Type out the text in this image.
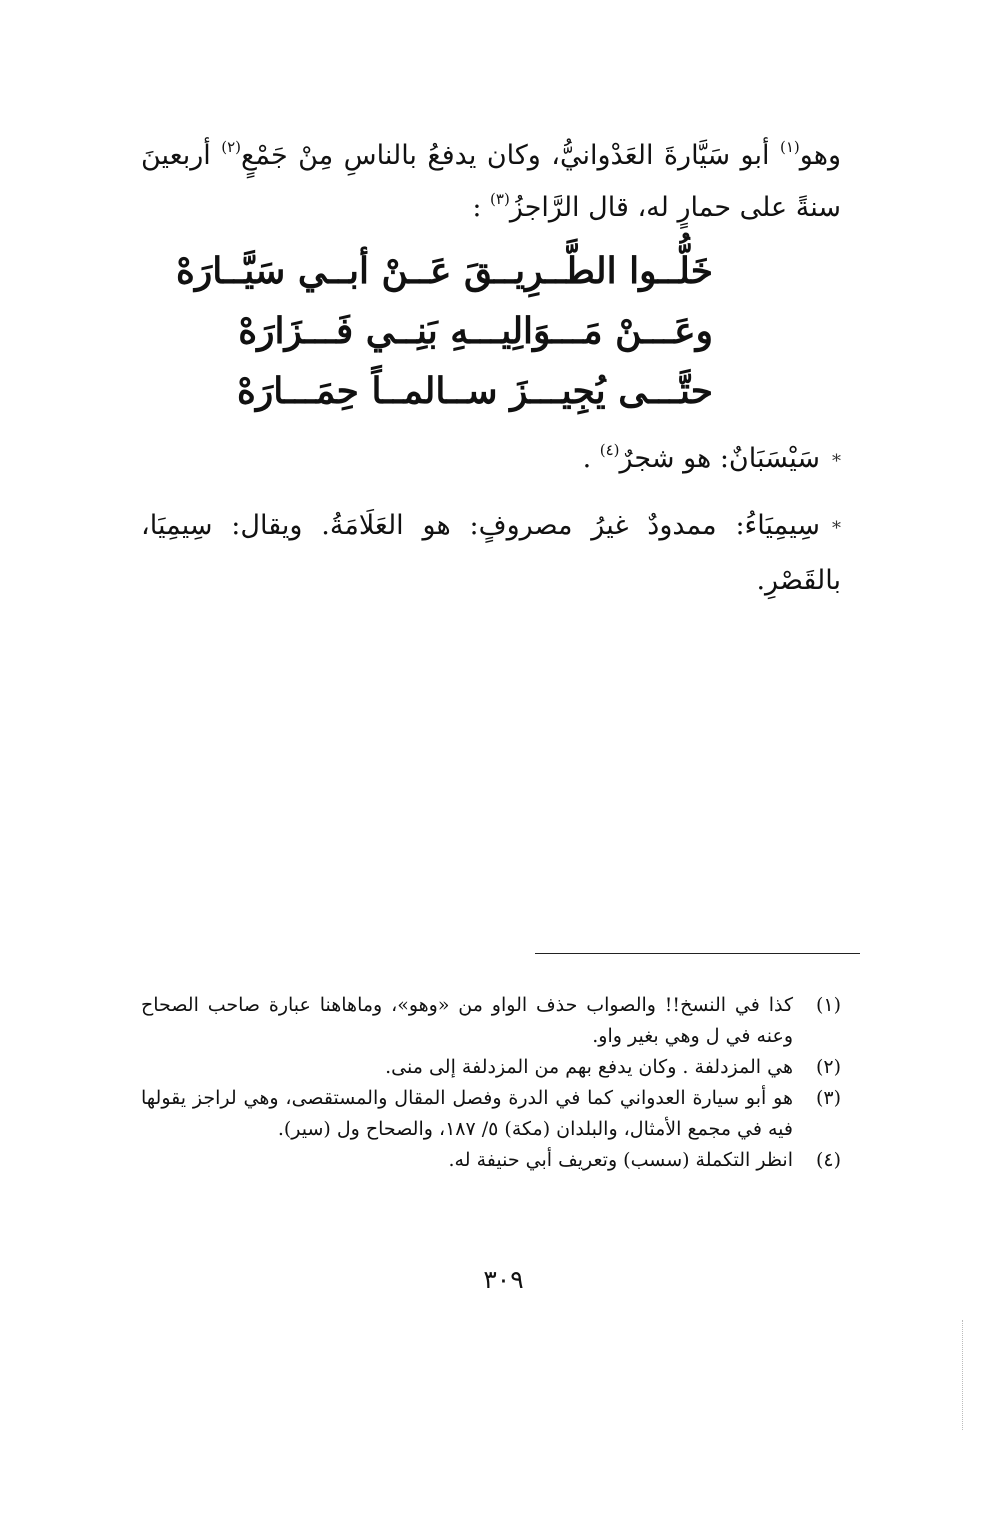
وهو$^{(١)}$ أبو سَيَّارةَ العَدْوانيُّ، وكان يدفعُ بالناسِ مِنْ جَمْعٍ$^{(٢)}$ أربعينَ سنةً على حمارٍ له، قال الرَّاجزُ$^{(٣)}$ :

خَلُّــوا الطَّــرِيــقَ عَــنْ أبــي سَيَّــارَهْ
وعَـــنْ مَـــوَالِيـــهِ بَنِــي فَـــزَارَهْ
حتَّـــى يُجِيـــزَ ســالمــاً حِمَـــارَهْ
*سَيْسَبَانٌ: هو شجرٌ$^{(٤)}$ .
*سِيمِيَاءُ: ممدودٌ غيرُ مصروفٍ: هو العَلَامَةُ. ويقال: سِيمِيَا، بالقَصْرِ.
(١)
كذا في النسخ!! والصواب حذف الواو من «وهو»، وماهاهنا عبارة صاحب الصحاح وعنه في ل وهي بغير واو.
(٢)
هي المزدلفة . وكان يدفع بهم من المزدلفة إلى منى.
(٣)
هو أبو سيارة العدواني كما في الدرة وفصل المقال والمستقصى، وهي لراجز يقولها فيه في مجمع الأمثال، والبلدان (مكة) ٥/ ١٨٧، والصحاح ول (سير).
(٤)
انظر التكملة (سسب) وتعريف أبي حنيفة له.
٣٠٩
